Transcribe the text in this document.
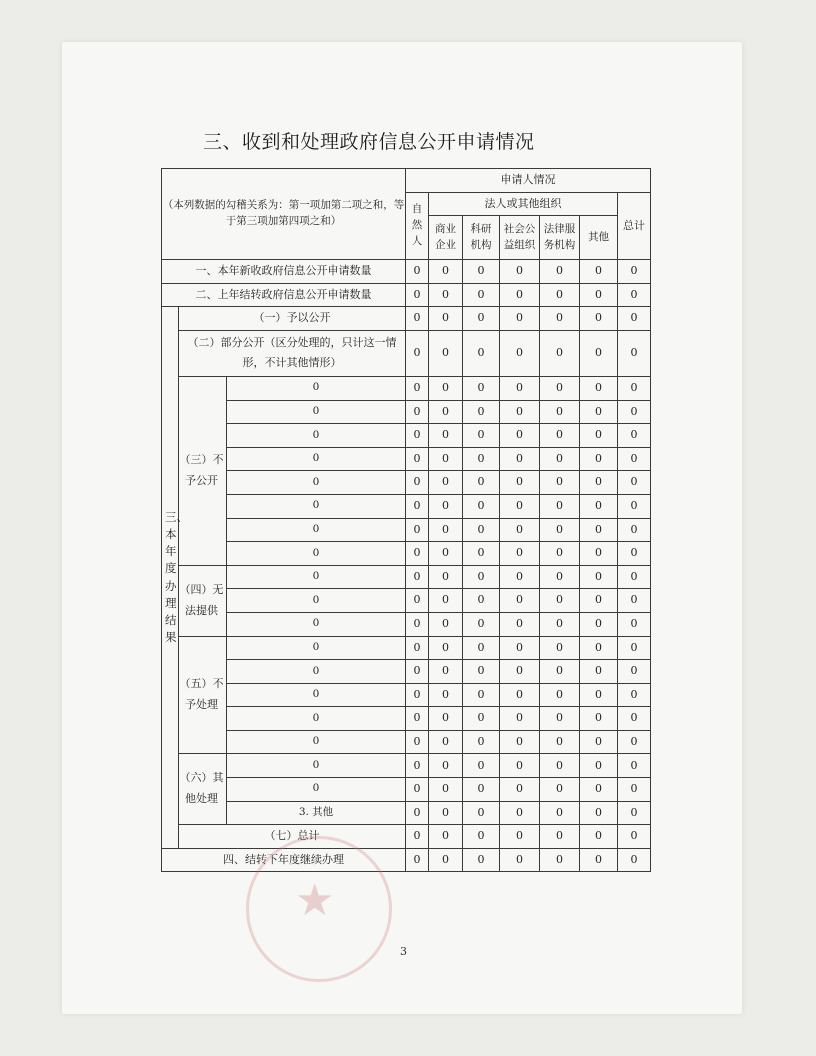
三、收到和处理政府信息公开申请情况
（本列数据的勾稽关系为：第一项加第二项之和，等于第三项加第四项之和）			申请人情况						
			自然人	法人或其他组织					总计
				商业企业	科研机构	社会公益组织	法律服务机构	其他	
一、本年新收政府信息公开申请数量			0	0	0	0	0	0	0
二、上年结转政府信息公开申请数量			0	0	0	0	0	0	0
三、本年度办理结果	（一）予以公开		0	0	0	0	0	0	0
	（二）部分公开（区分处理的，只计这一情形，不计其他情形）		0	0	0	0	0	0	0
	（三）不予公开	0	0	0	0	0	0	0	0
		0	0	0	0	0	0	0	0
		0	0	0	0	0	0	0	0
		0	0	0	0	0	0	0	0
		0	0	0	0	0	0	0	0
		0	0	0	0	0	0	0	0
		0	0	0	0	0	0	0	0
		0	0	0	0	0	0	0	0
	（四）无法提供	0	0	0	0	0	0	0	0
		0	0	0	0	0	0	0	0
		0	0	0	0	0	0	0	0
	（五）不予处理	0	0	0	0	0	0	0	0
		0	0	0	0	0	0	0	0
		0	0	0	0	0	0	0	0
		0	0	0	0	0	0	0	0
		0	0	0	0	0	0	0	0
	（六）其他处理	0	0	0	0	0	0	0	0
		0	0	0	0	0	0	0	0
		3. 其他	0	0	0	0	0	0	0
	（七）总计		0	0	0	0	0	0	0
四、结转下年度继续办理			0	0	0	0	0	0	0
★
3
